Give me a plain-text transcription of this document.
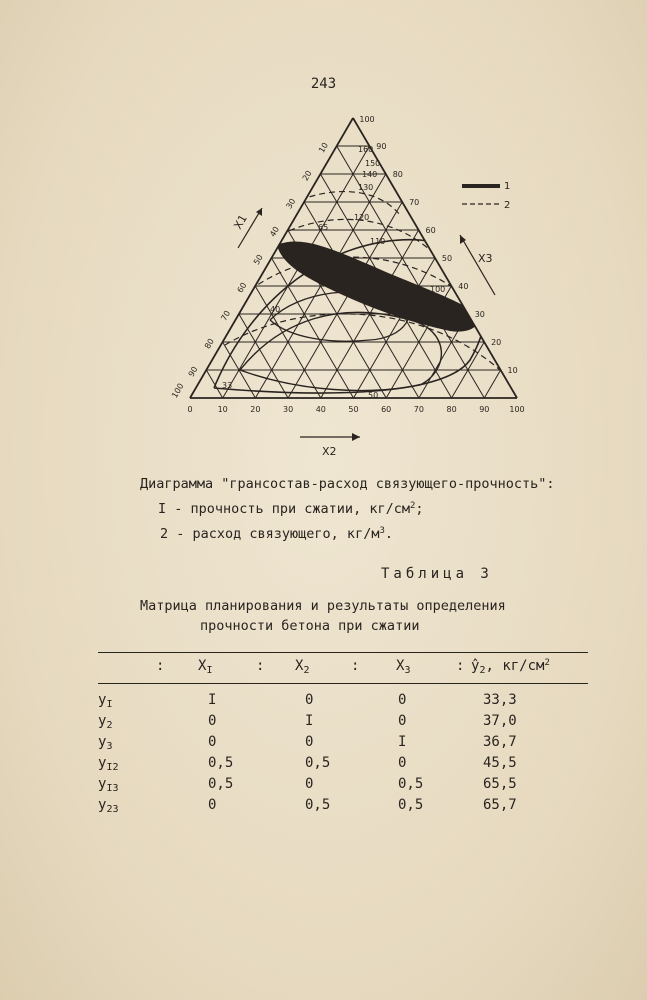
243
0	10
10
10
20
20
20
30
30
30
40
40
40
50
50
50
60
60
60
70
70
70
80
80
80
90
90
90
100
100
100
X1
X3
X2
1
2
33
40
50
57
65
100
110
120
130
140
150
160
Диаграмма "грансостав-расход связующего-прочность":
I - прочность при сжатии, $кг/см^2$;
2 - расход связующего, $кг/м^3$.
Таблица 3
Матрица планирования и результаты определения
прочности бетона при сжатии
: $X_I$	: $X_2$	:	$X_3$	: $ŷ_2$, $кг/см^2$
$y_I$	I	0	0	33,3
$y_2$	0	I	0	37,0
$y_3$	0	0	I	36,7
$y_{I2}$	0,5	0,5	0	45,5
$y_{I3}$	0,5	0	0,5	65,5
$y_{23}$	0	0,5	0,5	65,7
